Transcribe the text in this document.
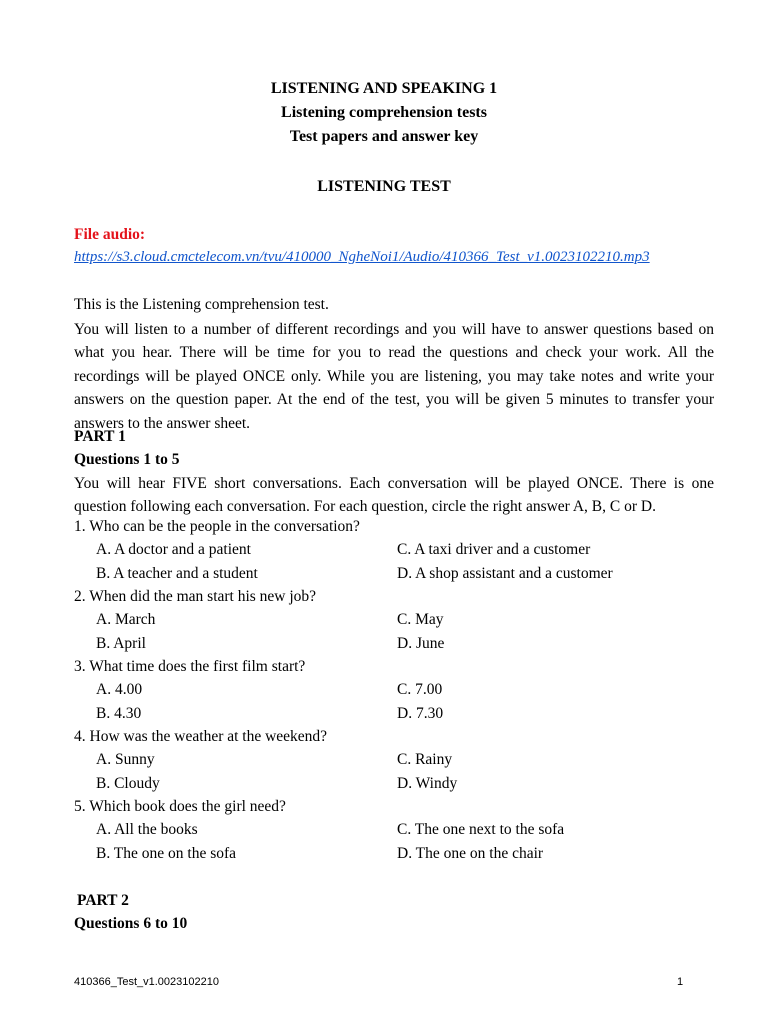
LISTENING AND SPEAKING 1
Listening comprehension tests
Test papers and answer key
LISTENING TEST
File audio:
https://s3.cloud.cmctelecom.vn/tvu/410000_NgheNoi1/Audio/410366_Test_v1.0023102210.mp3
This is the Listening comprehension test.
You will listen to a number of different recordings and you will have to answer questions based on what you hear. There will be time for you to read the questions and check your work. All the recordings will be played ONCE only. While you are listening, you may take notes and write your answers on the question paper. At the end of the test, you will be given 5 minutes to transfer your answers to the answer sheet.
PART 1
Questions 1 to 5
You will hear FIVE short conversations. Each conversation will be played ONCE. There is one question following each conversation. For each question, circle the right answer A, B, C or D.
1. Who can be the people in the conversation?
A. A doctor and a patient	C. A taxi driver and a customer
B. A teacher and a student	D. A shop assistant and a customer
2. When did the man start his new job?
A. March	C. May
B. April	D. June
3. What time does the first film start?
A. 4.00	C. 7.00
B. 4.30	D. 7.30
4. How was the weather at the weekend?
A. Sunny	C. Rainy
B. Cloudy	D. Windy
5. Which book does the girl need?
A. All the books	C. The one next to the sofa
B. The one on the sofa	D. The one on the chair
PART 2
Questions 6 to 10
410366_Test_v1.0023102210	1
